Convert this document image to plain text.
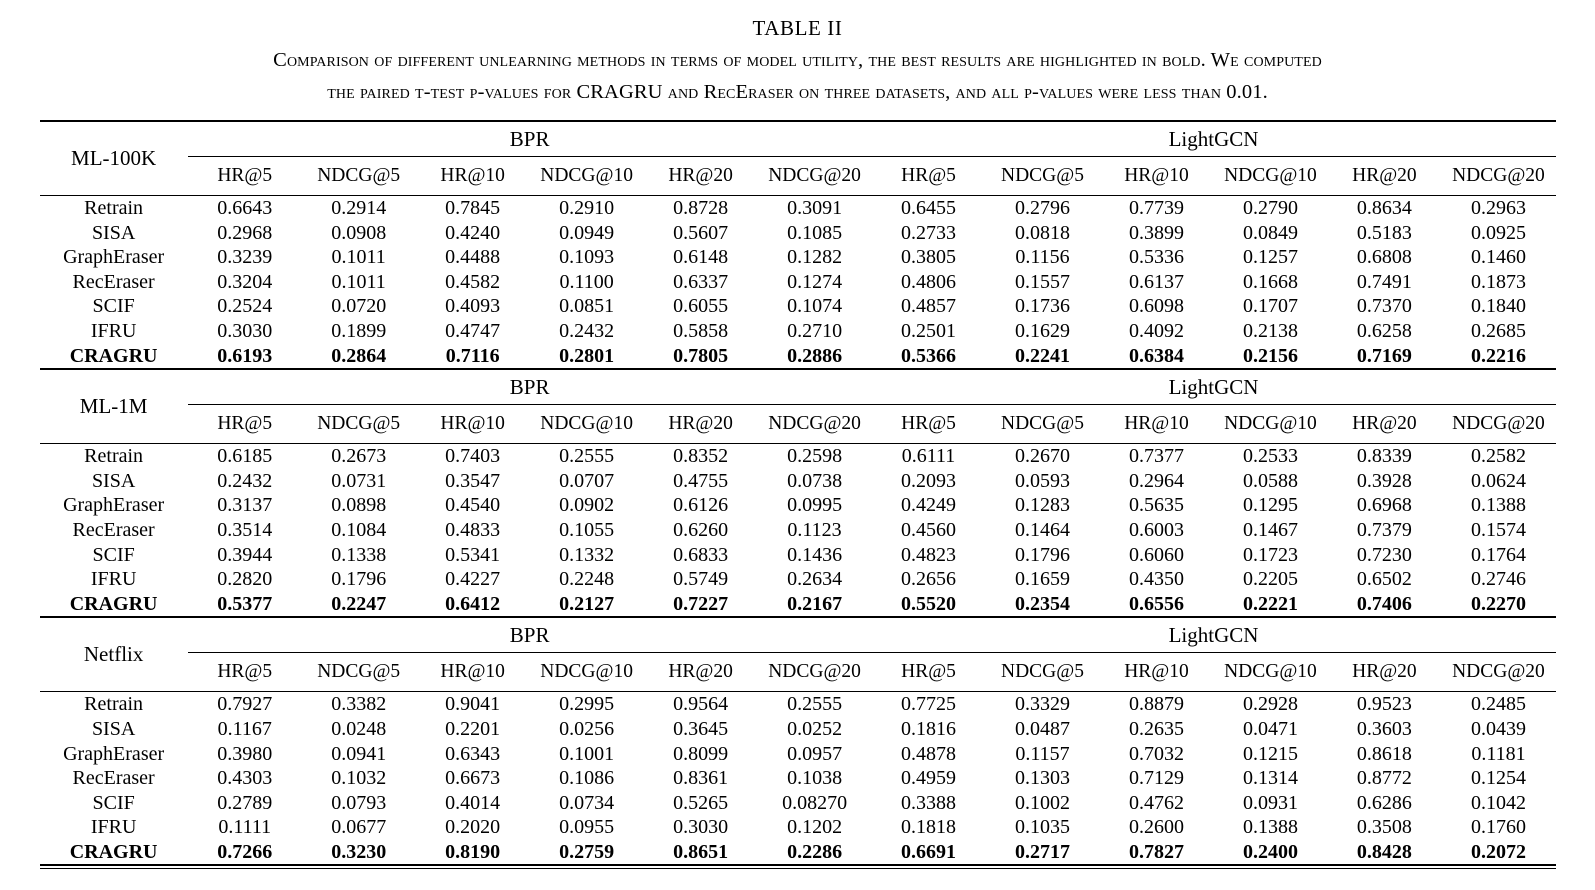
TABLE II
Comparison of different unlearning methods in terms of model utility, the best results are highlighted in bold. We computed
the paired t-test p-values for CRAGRU and RecEraser on three datasets, and all p-values were less than 0.01.

ML-100K	BPR						LightGCN					
	HR@5	NDCG@5	HR@10	NDCG@10	HR@20	NDCG@20	HR@5	NDCG@5	HR@10	NDCG@10	HR@20	NDCG@20

Retrain	0.6643	0.2914	0.7845	0.2910	0.8728	0.3091	0.6455	0.2796	0.7739	0.2790	0.8634	0.2963
SISA	0.2968	0.0908	0.4240	0.0949	0.5607	0.1085	0.2733	0.0818	0.3899	0.0849	0.5183	0.0925
GraphEraser	0.3239	0.1011	0.4488	0.1093	0.6148	0.1282	0.3805	0.1156	0.5336	0.1257	0.6808	0.1460
RecEraser	0.3204	0.1011	0.4582	0.1100	0.6337	0.1274	0.4806	0.1557	0.6137	0.1668	0.7491	0.1873
SCIF	0.2524	0.0720	0.4093	0.0851	0.6055	0.1074	0.4857	0.1736	0.6098	0.1707	0.7370	0.1840
IFRU	0.3030	0.1899	0.4747	0.2432	0.5858	0.2710	0.2501	0.1629	0.4092	0.2138	0.6258	0.2685
CRAGRU	0.6193	0.2864	0.7116	0.2801	0.7805	0.2886	0.5366	0.2241	0.6384	0.2156	0.7169	0.2216

ML-1M	BPR						LightGCN					
	HR@5	NDCG@5	HR@10	NDCG@10	HR@20	NDCG@20	HR@5	NDCG@5	HR@10	NDCG@10	HR@20	NDCG@20

Retrain	0.6185	0.2673	0.7403	0.2555	0.8352	0.2598	0.6111	0.2670	0.7377	0.2533	0.8339	0.2582
SISA	0.2432	0.0731	0.3547	0.0707	0.4755	0.0738	0.2093	0.0593	0.2964	0.0588	0.3928	0.0624
GraphEraser	0.3137	0.0898	0.4540	0.0902	0.6126	0.0995	0.4249	0.1283	0.5635	0.1295	0.6968	0.1388
RecEraser	0.3514	0.1084	0.4833	0.1055	0.6260	0.1123	0.4560	0.1464	0.6003	0.1467	0.7379	0.1574
SCIF	0.3944	0.1338	0.5341	0.1332	0.6833	0.1436	0.4823	0.1796	0.6060	0.1723	0.7230	0.1764
IFRU	0.2820	0.1796	0.4227	0.2248	0.5749	0.2634	0.2656	0.1659	0.4350	0.2205	0.6502	0.2746
CRAGRU	0.5377	0.2247	0.6412	0.2127	0.7227	0.2167	0.5520	0.2354	0.6556	0.2221	0.7406	0.2270

Netflix	BPR						LightGCN					
	HR@5	NDCG@5	HR@10	NDCG@10	HR@20	NDCG@20	HR@5	NDCG@5	HR@10	NDCG@10	HR@20	NDCG@20

Retrain	0.7927	0.3382	0.9041	0.2995	0.9564	0.2555	0.7725	0.3329	0.8879	0.2928	0.9523	0.2485
SISA	0.1167	0.0248	0.2201	0.0256	0.3645	0.0252	0.1816	0.0487	0.2635	0.0471	0.3603	0.0439
GraphEraser	0.3980	0.0941	0.6343	0.1001	0.8099	0.0957	0.4878	0.1157	0.7032	0.1215	0.8618	0.1181
RecEraser	0.4303	0.1032	0.6673	0.1086	0.8361	0.1038	0.4959	0.1303	0.7129	0.1314	0.8772	0.1254
SCIF	0.2789	0.0793	0.4014	0.0734	0.5265	0.08270	0.3388	0.1002	0.4762	0.0931	0.6286	0.1042
IFRU	0.1111	0.0677	0.2020	0.0955	0.3030	0.1202	0.1818	0.1035	0.2600	0.1388	0.3508	0.1760
CRAGRU	0.7266	0.3230	0.8190	0.2759	0.8651	0.2286	0.6691	0.2717	0.7827	0.2400	0.8428	0.2072
